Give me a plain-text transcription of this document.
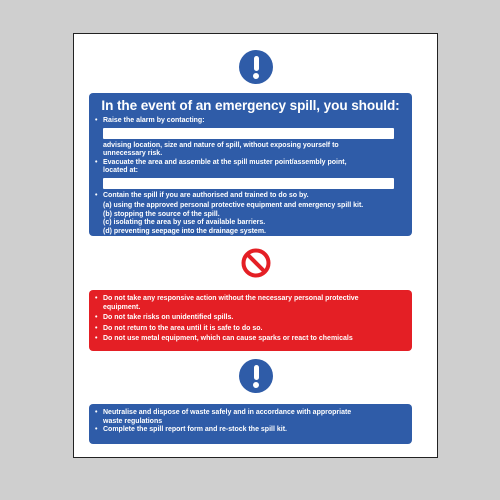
In the event of an emergency spill, you should:
• Raise the alarm by contacting:
advising location, size and nature of spill, without exposing yourself to
unnecessary risk.
• Evacuate the area and assemble at the spill muster point/assembly point,
located at:
• Contain the spill if you are authorised and trained to do so by.
(a) using the approved personal protective equipment and emergency spill kit.
(b) stopping the source of the spill.
(c) isolating the area by use of available barriers.
(d) preventing seepage into the drainage system.
• Do not take any responsive action without the necessary personal protective
equipment.
• Do not take risks on unidentified spills.
• Do not return to the area until it is safe to do so.
• Do not use metal equipment, which can cause sparks or react to chemicals
• Neutralise and dispose of waste safely and in accordance with appropriate
waste regulations
• Complete the spill report form and re-stock the spill kit.
